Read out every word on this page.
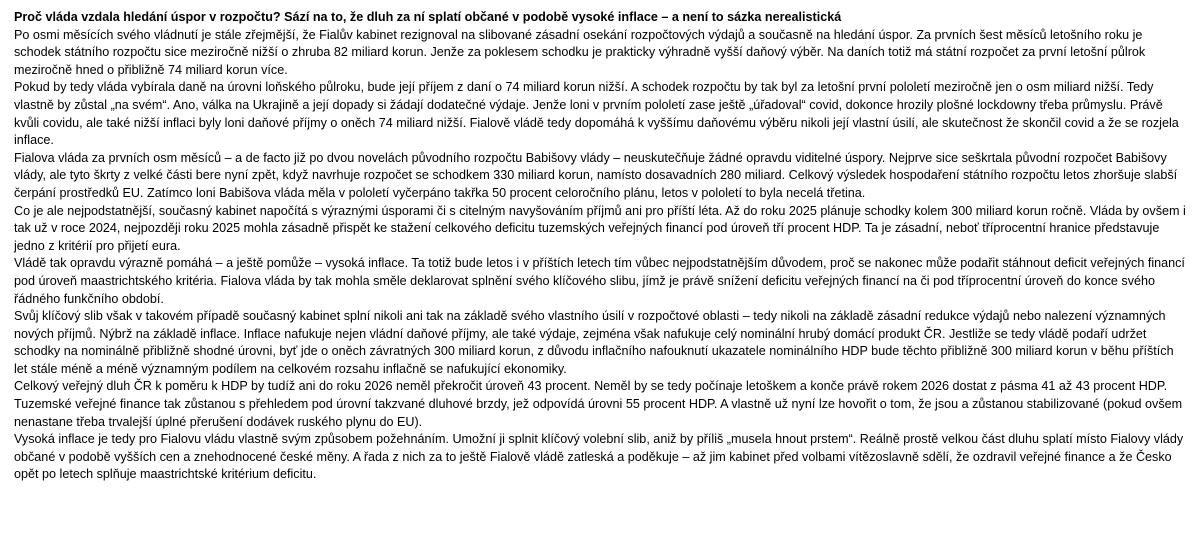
Proč vláda vzdala hledání úspor v rozpočtu? Sází na to, že dluh za ní splatí občané v podobě vysoké inflace – a není to sázka nerealistická

Po osmi měsících svého vládnutí je stále zřejmější, že Fialův kabinet rezignoval na slibované zásadní osekání rozpočtových výdajů a současně na hledání úspor. Za prvních šest měsíců letošního roku je schodek státního rozpočtu sice meziročně nižší o zhruba 82 miliard korun. Jenže za poklesem schodku je prakticky výhradně vyšší daňový výběr. Na daních totiž má státní rozpočet za první letošní půlrok meziročně hned o přibližně 74 miliard korun více.

Pokud by tedy vláda vybírala daně na úrovni loňského půlroku, bude její příjem z daní o 74 miliard korun nižší. A schodek rozpočtu by tak byl za letošní první pololetí meziročně jen o osm miliard nižší. Tedy vlastně by zůstal „na svém“. Ano, válka na Ukrajině a její dopady si žádají dodatečné výdaje. Jenže loni v prvním pololetí zase ještě „úřadoval“ covid, dokonce hrozily plošné lockdowny třeba průmyslu. Právě kvůli covidu, ale také nižší inflaci byly loni daňové příjmy o oněch 74 miliard nižší. Fialově vládě tedy dopomáhá k vyššímu daňovému výběru nikoli její vlastní úsilí, ale skutečnost že skončil covid a že se rozjela inflace.

Fialova vláda za prvních osm měsíců – a de facto již po dvou novelách původního rozpočtu Babišovy vlády – neuskutečňuje žádné opravdu viditelné úspory. Nejprve sice seškrtala původní rozpočet Babišovy vlády, ale tyto škrty z velké části bere nyní zpět, když navrhuje rozpočet se schodkem 330 miliard korun, namísto dosavadních 280 miliard. Celkový výsledek hospodaření státního rozpočtu letos zhoršuje slabší čerpání prostředků EU. Zatímco loni Babišova vláda měla v pololetí vyčerpáno takřka 50 procent celoročního plánu, letos v pololetí to byla necelá třetina.

Co je ale nejpodstatnější, současný kabinet napočítá s výraznými úsporami či s citelným navyšováním příjmů ani pro příští léta. Až do roku 2025 plánuje schodky kolem 300 miliard korun ročně. Vláda by ovšem i tak už v roce 2024, nejpozději roku 2025 mohla zásadně přispět ke stažení celkového deficitu tuzemských veřejných financí pod úroveň tří procent HDP. Ta je zásadní, neboť tříprocentní hranice představuje jedno z kritérií pro přijetí eura.

Vládě tak opravdu výrazně pomáhá – a ještě pomůže – vysoká inflace. Ta totiž bude letos i v příštích letech tím vůbec nejpodstatnějším důvodem, proč se nakonec může podařit stáhnout deficit veřejných financí pod úroveň maastrichtského kritéria. Fialova vláda by tak mohla směle deklarovat splnění svého klíčového slibu, jímž je právě snížení deficitu veřejných financí na či pod tříprocentní úroveň do konce svého řádného funkčního období.

Svůj klíčový slib však v takovém případě současný kabinet splní nikoli ani tak na základě svého vlastního úsilí v rozpočtové oblasti – tedy nikoli na základě zásadní redukce výdajů nebo nalezení významných nových příjmů. Nýbrž na základě inflace. Inflace nafukuje nejen vládní daňové příjmy, ale také výdaje, zejména však nafukuje celý nominální hrubý domácí produkt ČR. Jestliže se tedy vládě podaří udržet schodky na nominálně přibližně shodné úrovni, byť jde o oněch závratných 300 miliard korun, z důvodu inflačního nafouknutí ukazatele nominálního HDP bude těchto přibližně 300 miliard korun v běhu příštích let stále méně a méně významným podílem na celkovém rozsahu inflačně se nafukující ekonomiky.

Celkový veřejný dluh ČR k poměru k HDP by tudíž ani do roku 2026 neměl překročit úroveň 43 procent. Neměl by se tedy počínaje letoškem a konče právě rokem 2026 dostat z pásma 41 až 43 procent HDP. Tuzemské veřejné finance tak zůstanou s přehledem pod úrovní takzvané dluhové brzdy, jež odpovídá úrovni 55 procent HDP. A vlastně už nyní lze hovořit o tom, že jsou a zůstanou stabilizované (pokud ovšem nenastane třeba trvalejší úplné přerušení dodávek ruského plynu do EU).

Vysoká inflace je tedy pro Fialovu vládu vlastně svým způsobem požehnáním. Umožní ji splnit klíčový volební slib, aniž by příliš „musela hnout prstem“. Reálně prostě velkou část dluhu splatí místo Fialovy vlády občané v podobě vyšších cen a znehodnocené české měny. A řada z nich za to ještě Fialově vládě zatleská a poděkuje – až jim kabinet před volbami vítězoslavně sdělí, že ozdravil veřejné finance a že Česko opět po letech splňuje maastrichtské kritérium deficitu.
